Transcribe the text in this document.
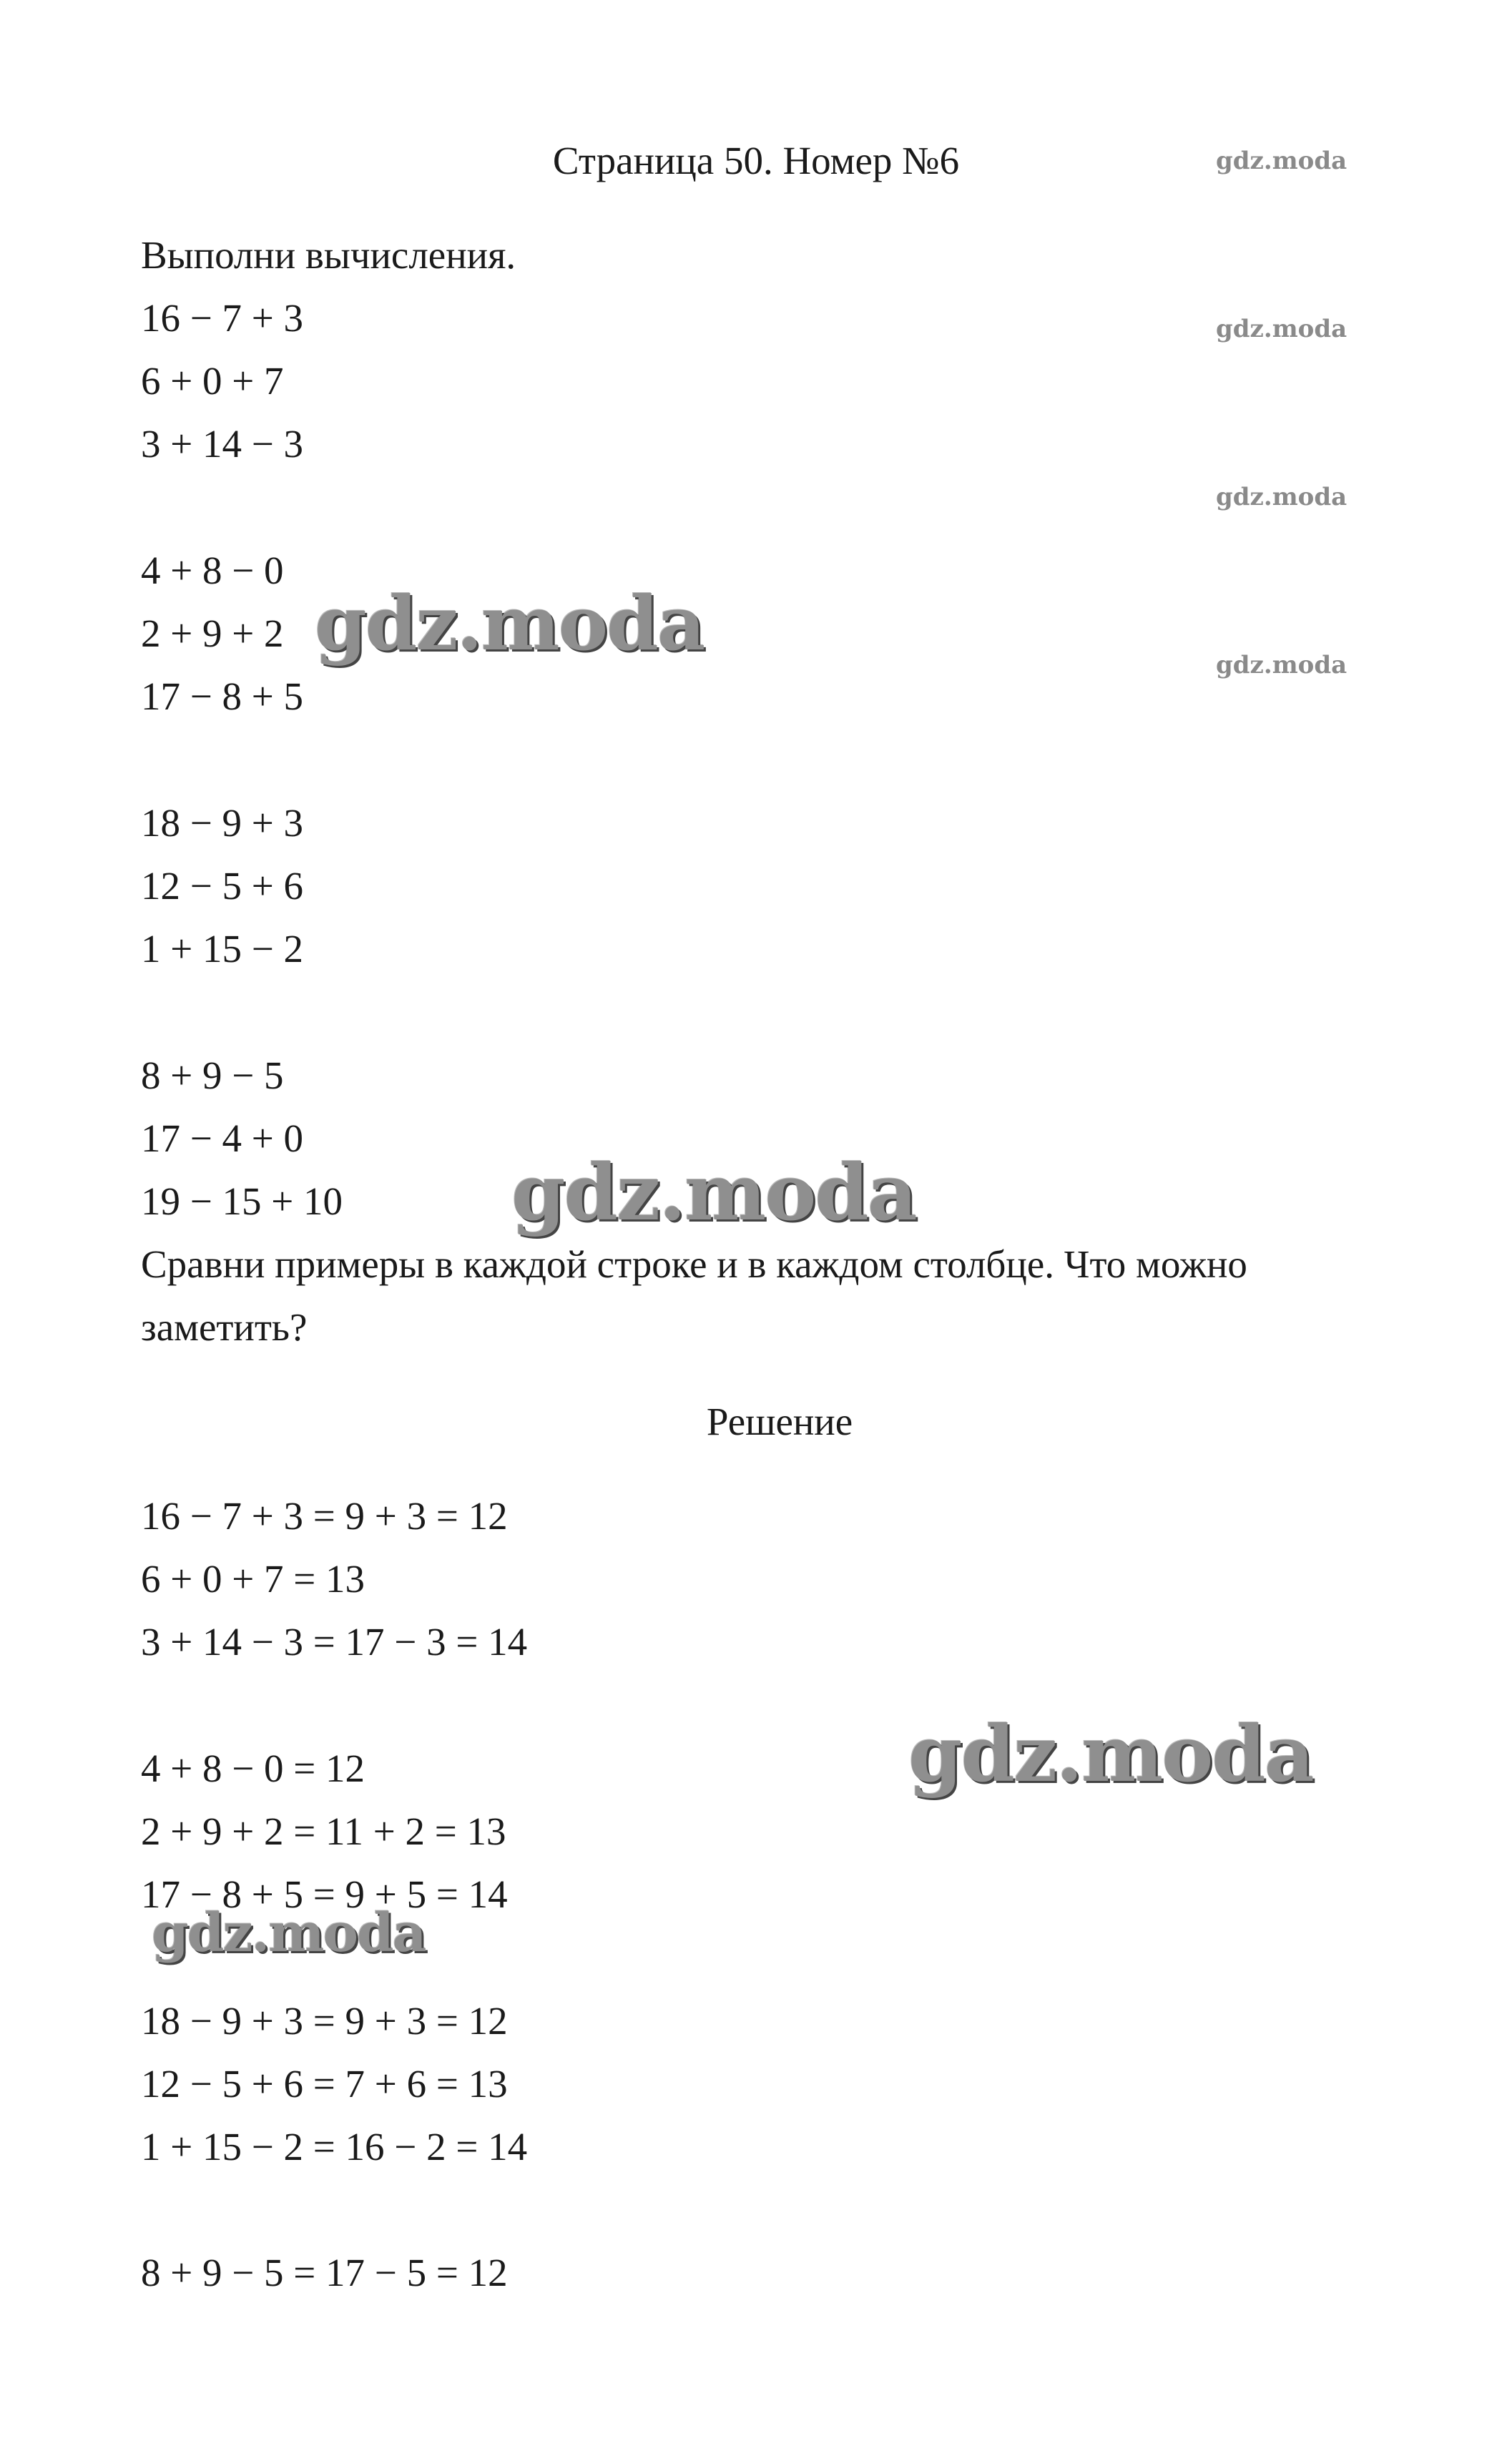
Страница 50. Номер №6	gdz.moda
gdz.moda
gdz.moda
gdz.moda
Выполни вычисления.
16 − 7 + 3
6 + 0 + 7
3 + 14 − 3
4 + 8 − 0
2 + 9 + 2
17 − 8 + 5
18 − 9 + 3
12 − 5 + 6
1 + 15 − 2
8 + 9 − 5
17 − 4 + 0
19 − 15 + 10
Сравни примеры в каждой строке и в каждом столбце. Что можно
заметить?
Решение
16 − 7 + 3 = 9 + 3 = 12
6 + 0 + 7 = 13
3 + 14 − 3 = 17 − 3 = 14
4 + 8 − 0 = 12
2 + 9 + 2 = 11 + 2 = 13
17 − 8 + 5 = 9 + 5 = 14
18 − 9 + 3 = 9 + 3 = 12
12 − 5 + 6 = 7 + 6 = 13
1 + 15 − 2 = 16 − 2 = 14
8 + 9 − 5 = 17 − 5 = 12
gdz.moda
gdz.moda
gdz.moda
gdz.moda
